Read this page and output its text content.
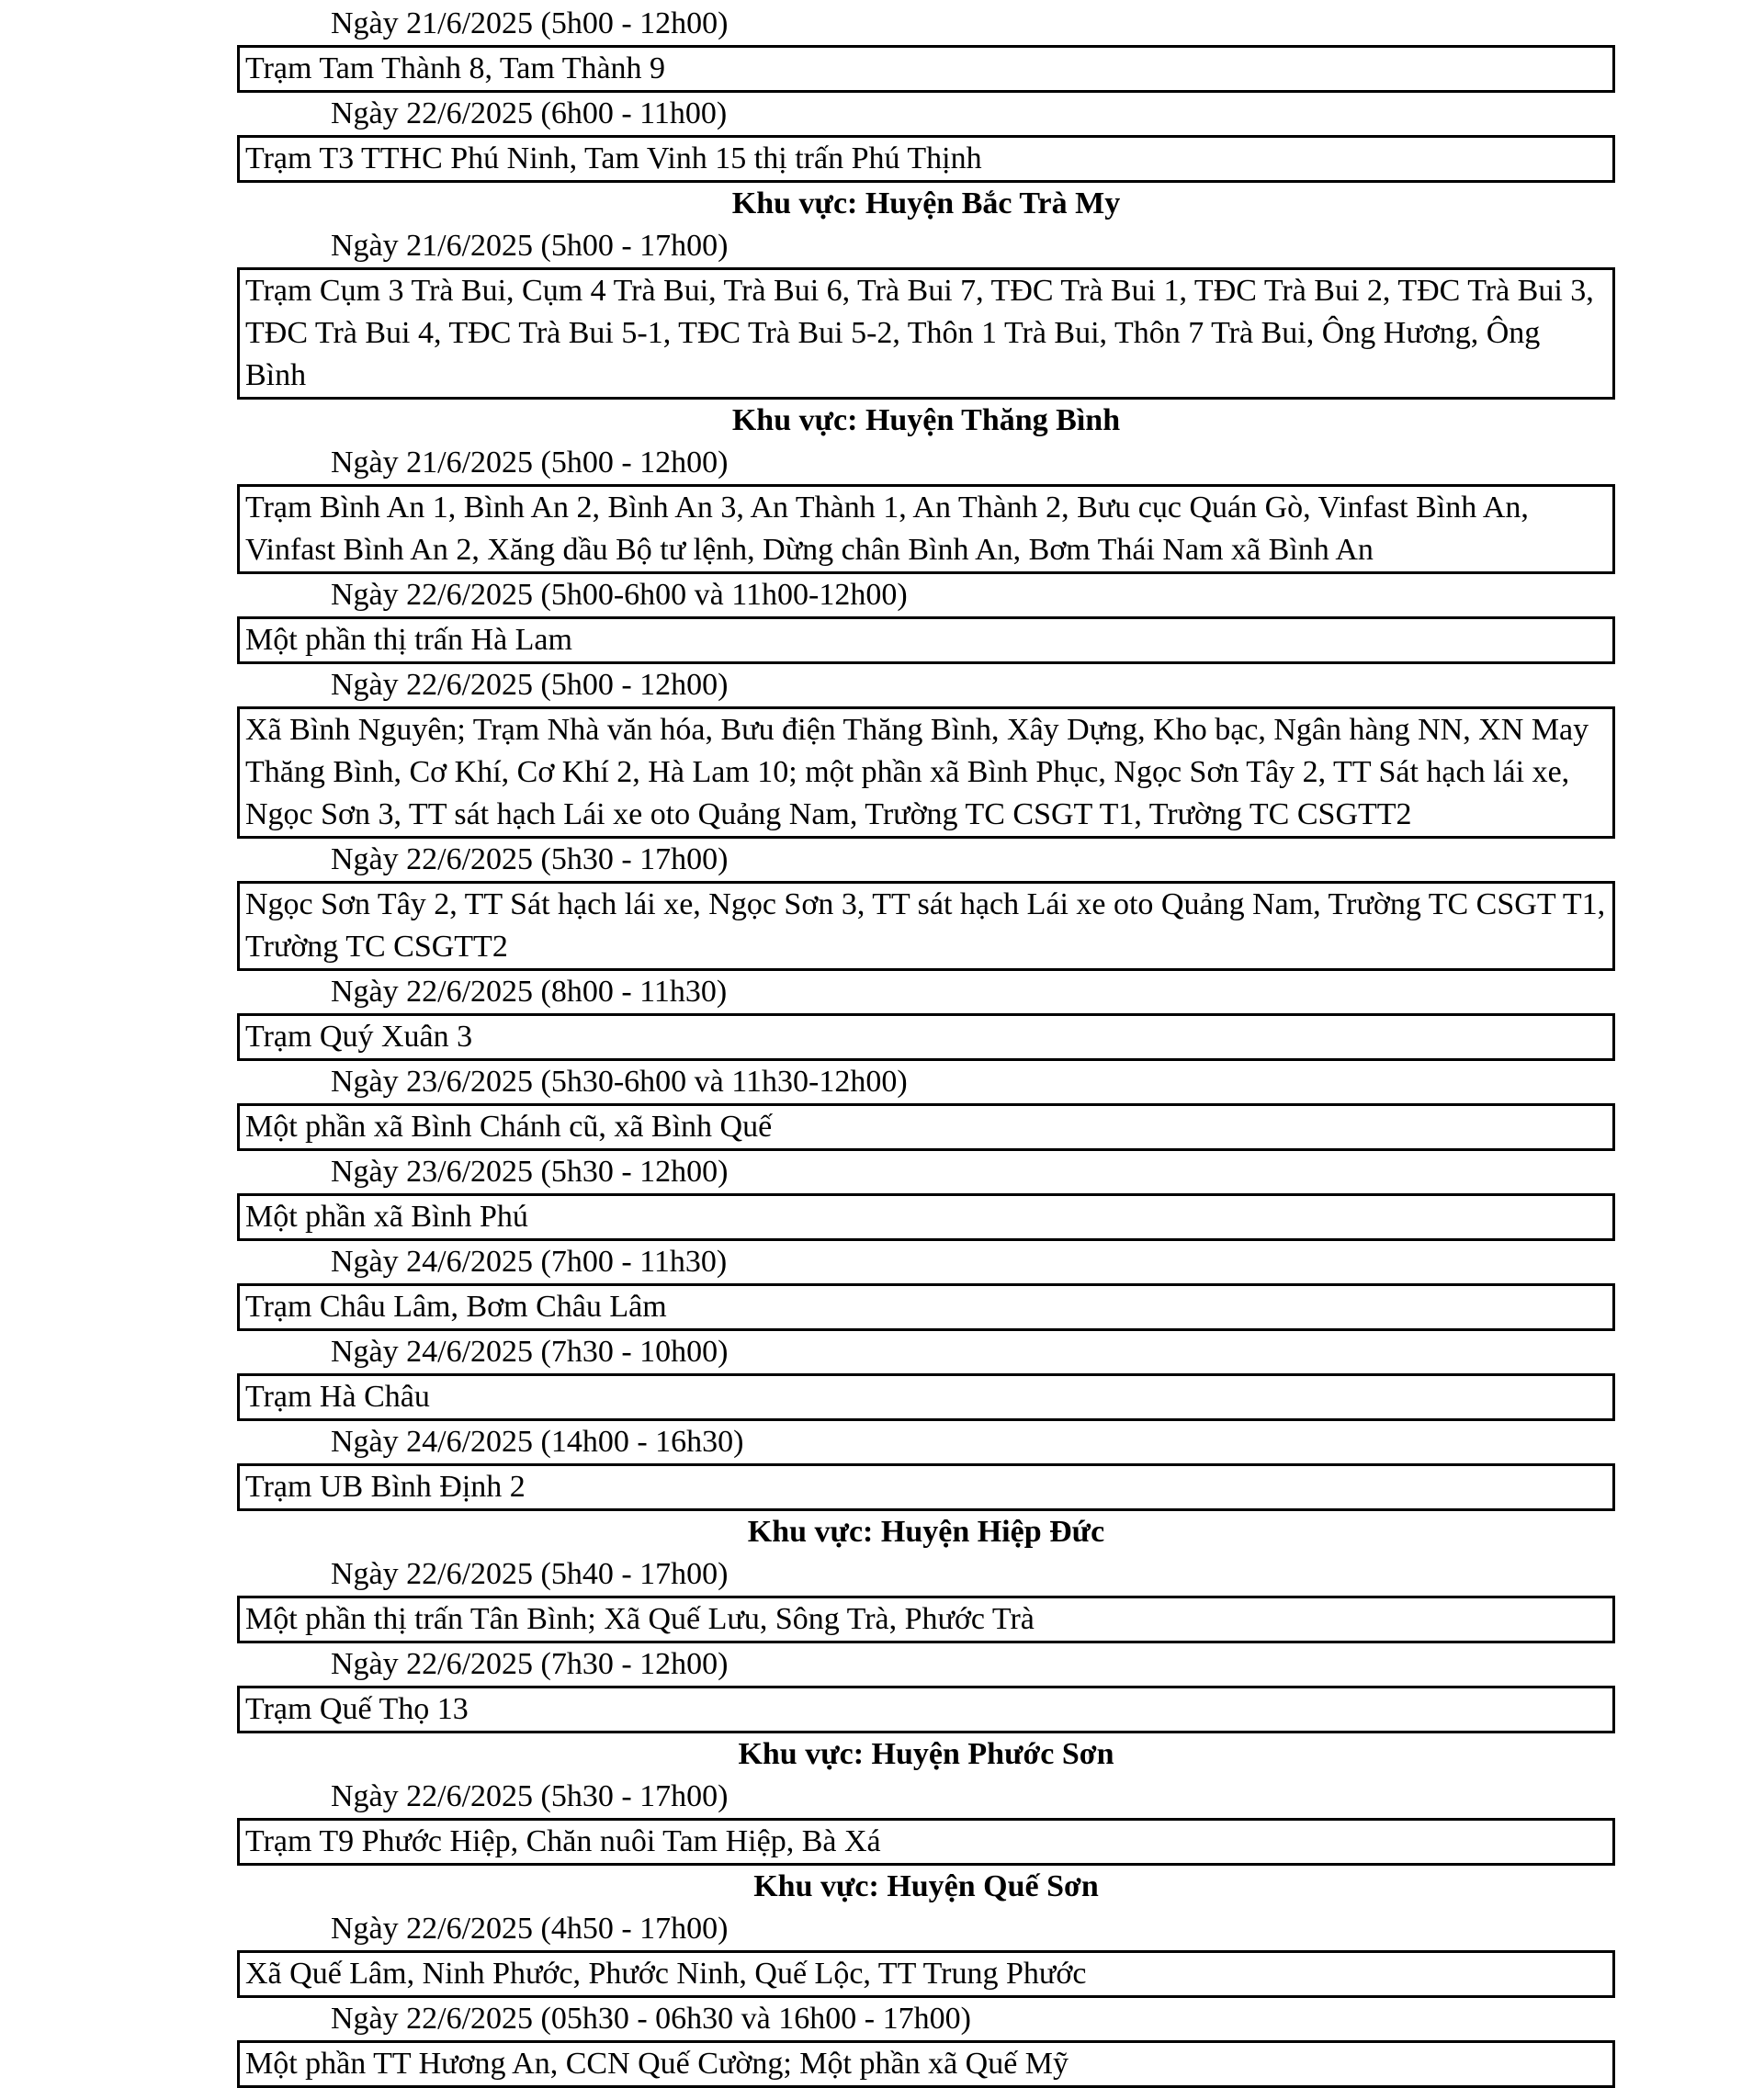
Ngày 21/6/2025 (5h00 - 12h00)
Trạm Tam Thành 8, Tam Thành 9
Ngày 22/6/2025 (6h00 - 11h00)
Trạm T3 TTHC Phú Ninh, Tam Vinh 15 thị trấn Phú Thịnh
Khu vực: Huyện Bắc Trà My
Ngày 21/6/2025 (5h00 - 17h00)
Trạm Cụm 3 Trà Bui, Cụm 4 Trà Bui, Trà Bui 6, Trà Bui 7, TĐC Trà Bui 1, TĐC Trà Bui 2, TĐC Trà Bui 3, TĐC Trà Bui 4, TĐC Trà Bui 5-1, TĐC Trà Bui 5-2, Thôn 1 Trà Bui, Thôn 7 Trà Bui, Ông Hương, Ông Bình
Khu vực: Huyện Thăng Bình
Ngày 21/6/2025 (5h00 - 12h00)
Trạm Bình An 1, Bình An 2, Bình An 3, An Thành 1, An Thành 2, Bưu cục Quán Gò, Vinfast Bình An, Vinfast Bình An 2, Xăng dầu Bộ tư lệnh, Dừng chân Bình An, Bơm Thái Nam xã Bình An
Ngày 22/6/2025 (5h00-6h00 và 11h00-12h00)
Một phần thị trấn Hà Lam
Ngày 22/6/2025 (5h00 - 12h00)
Xã Bình Nguyên; Trạm Nhà văn hóa, Bưu điện Thăng Bình, Xây Dựng, Kho bạc, Ngân hàng NN, XN May Thăng Bình, Cơ Khí, Cơ Khí 2, Hà Lam 10; một phần xã Bình Phục, Ngọc Sơn Tây 2, TT Sát hạch lái xe, Ngọc Sơn 3, TT sát hạch Lái xe oto Quảng Nam, Trường TC CSGT T1, Trường TC CSGTT2
Ngày 22/6/2025 (5h30 - 17h00)
Ngọc Sơn Tây 2, TT Sát hạch lái xe, Ngọc Sơn 3, TT sát hạch Lái xe oto Quảng Nam, Trường TC CSGT T1, Trường TC CSGTT2
Ngày 22/6/2025 (8h00 - 11h30)
Trạm Quý Xuân 3
Ngày 23/6/2025 (5h30-6h00 và 11h30-12h00)
Một phần xã Bình Chánh cũ, xã Bình Quế
Ngày 23/6/2025 (5h30 - 12h00)
Một phần xã Bình Phú
Ngày 24/6/2025 (7h00 - 11h30)
Trạm Châu Lâm, Bơm Châu Lâm
Ngày 24/6/2025 (7h30 - 10h00)
Trạm Hà Châu
Ngày 24/6/2025 (14h00 - 16h30)
Trạm UB Bình Định 2
Khu vực: Huyện Hiệp Đức
Ngày 22/6/2025 (5h40 - 17h00)
Một phần thị trấn Tân Bình; Xã Quế Lưu, Sông Trà, Phước Trà
Ngày 22/6/2025 (7h30 - 12h00)
Trạm Quế Thọ 13
Khu vực: Huyện Phước Sơn
Ngày 22/6/2025 (5h30 - 17h00)
Trạm T9 Phước Hiệp, Chăn nuôi Tam Hiệp, Bà Xá
Khu vực: Huyện Quế Sơn
Ngày 22/6/2025 (4h50 - 17h00)
Xã Quế Lâm, Ninh Phước, Phước Ninh, Quế Lộc, TT Trung Phước
Ngày 22/6/2025 (05h30 - 06h30 và 16h00 - 17h00)
Một phần TT Hương An, CCN Quế Cường; Một phần xã Quế Mỹ
